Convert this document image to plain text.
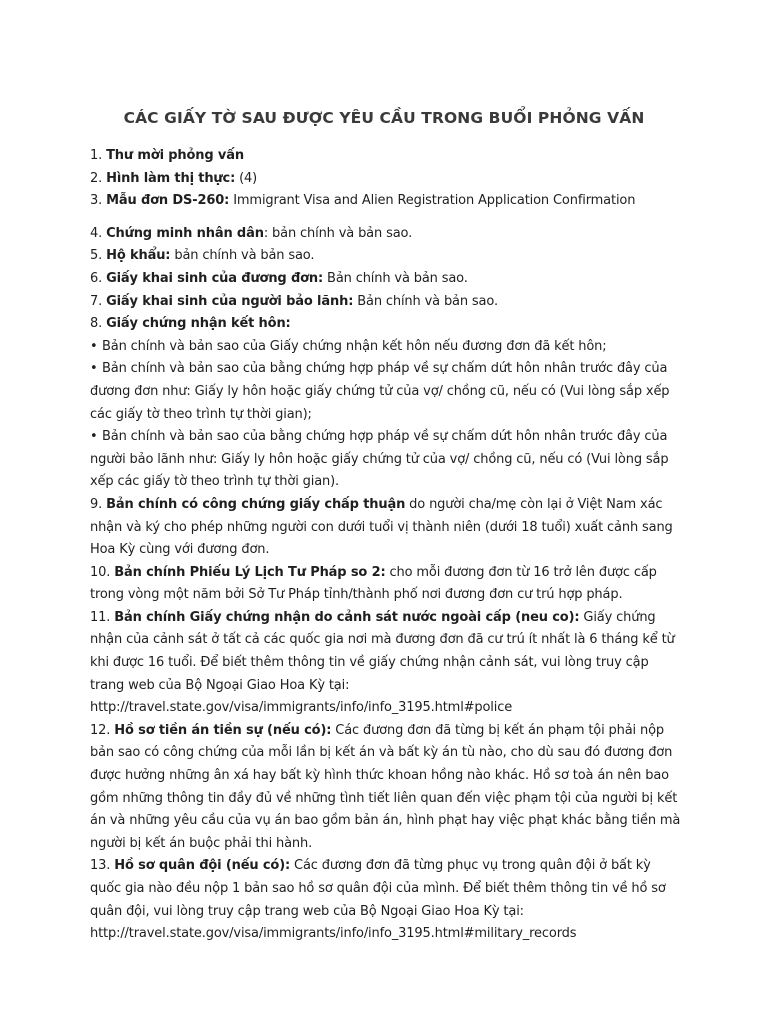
CÁC GIẤY TỜ SAU ĐƯỢC YÊU CẦU TRONG BUỔI PHỎNG VẤN
1. Thư mời phỏng vấn
2. Hình làm thị thực: (4)
3. Mẫu đơn DS-260: Immigrant Visa and Alien Registration Application Confirmation
4. Chứng minh nhân dân: bản chính và bản sao.
5. Hộ khẩu: bản chính và bản sao.
6. Giấy khai sinh của đương đơn: Bản chính và bản sao.
7. Giấy khai sinh của người bảo lãnh: Bản chính và bản sao.
8. Giấy chứng nhận kết hôn:
• Bản chính và bản sao của Giấy chứng nhận kết hôn nếu đương đơn đã kết hôn;
• Bản chính và bản sao của bằng chứng hợp pháp về sự chấm dứt hôn nhân trước đây của
đương đơn như: Giấy ly hôn hoặc giấy chứng tử của vợ/ chồng cũ, nếu có (Vui lòng sắp xếp
các giấy tờ theo trình tự thời gian);
• Bản chính và bản sao của bằng chứng hợp pháp về sự chấm dứt hôn nhân trước đây của
người bảo lãnh như: Giấy ly hôn hoặc giấy chứng tử của vợ/ chồng cũ, nếu có (Vui lòng sắp
xếp các giấy tờ theo trình tự thời gian).
9. Bản chính có công chứng giấy chấp thuận do người cha/mẹ còn lại ở Việt Nam xác
nhận và ký cho phép những người con dưới tuổi vị thành niên (dưới 18 tuổi) xuất cảnh sang
Hoa Kỳ cùng với đương đơn.
10. Bản chính Phiếu Lý Lịch Tư Pháp so 2: cho mỗi đương đơn từ 16 trở lên được cấp
trong vòng một năm bởi Sở Tư Pháp tỉnh/thành phố nơi đương đơn cư trú hợp pháp.
11. Bản chính Giấy chứng nhận do cảnh sát nước ngoài cấp (neu co): Giấy chứng
nhận của cảnh sát ở tất cả các quốc gia nơi mà đương đơn đã cư trú ít nhất là 6 tháng kể từ
khi được 16 tuổi. Để biết thêm thông tin về giấy chứng nhận cảnh sát, vui lòng truy cập
trang web của Bộ Ngoại Giao Hoa Kỳ tại:
http://travel.state.gov/visa/immigrants/info/info_3195.html#police
12. Hồ sơ tiền án tiền sự (nếu có): Các đương đơn đã từng bị kết án phạm tội phải nộp
bản sao có công chứng của mỗi lần bị kết án và bất kỳ án tù nào, cho dù sau đó đương đơn
được hưởng những ân xá hay bất kỳ hình thức khoan hồng nào khác. Hồ sơ toà án nên bao
gồm những thông tin đầy đủ về những tình tiết liên quan đến việc phạm tội của người bị kết
án và những yêu cầu của vụ án bao gồm bản án, hình phạt hay việc phạt khác bằng tiền mà
người bị kết án buộc phải thi hành.
13. Hồ sơ quân đội (nếu có): Các đương đơn đã từng phục vụ trong quân đội ở bất kỳ
quốc gia nào đều nộp 1 bản sao hồ sơ quân đội của mình. Để biết thêm thông tin về hồ sơ
quân đội, vui lòng truy cập trang web của Bộ Ngoại Giao Hoa Kỳ tại:
http://travel.state.gov/visa/immigrants/info/info_3195.html#military_records
